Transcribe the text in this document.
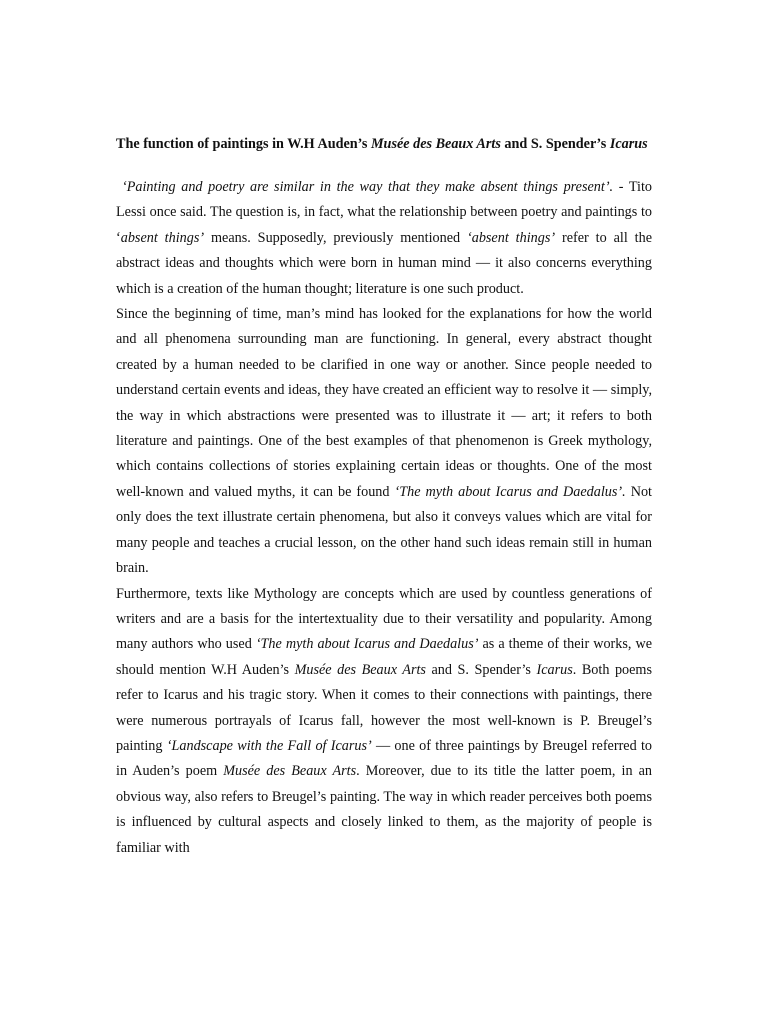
The function of paintings in W.H Auden’s Musée des Beaux Arts and S. Spender’s Icarus

‘Painting and poetry are similar in the way that they make absent things present’. - Tito Lessi once said. The question is, in fact, what the relationship between poetry and paintings to ‘absent things’ means. Supposedly, previously mentioned ‘absent things’ refer to all the abstract ideas and thoughts which were born in human mind — it also concerns everything which is a creation of the human thought; literature is one such product.

Since the beginning of time, man’s mind has looked for the explanations for how the world and all phenomena surrounding man are functioning. In general, every abstract thought created by a human needed to be clarified in one way or another. Since people needed to understand certain events and ideas, they have created an efficient way to resolve it — simply, the way in which abstractions were presented was to illustrate it — art; it refers to both literature and paintings. One of the best examples of that phenomenon is Greek mythology, which contains collections of stories explaining certain ideas or thoughts. One of the most well-known and valued myths, it can be found ‘The myth about Icarus and Daedalus’. Not only does the text illustrate certain phenomena, but also it conveys values which are vital for many people and teaches a crucial lesson, on the other hand such ideas remain still in human brain.

Furthermore, texts like Mythology are concepts which are used by countless generations of writers and are a basis for the intertextuality due to their versatility and popularity. Among many authors who used ‘The myth about Icarus and Daedalus’ as a theme of their works, we should mention W.H Auden’s Musée des Beaux Arts and S. Spender’s Icarus. Both poems refer to Icarus and his tragic story. When it comes to their connections with paintings, there were numerous portrayals of Icarus fall, however the most well-known is P. Breugel’s painting ‘Landscape with the Fall of Icarus’ — one of three paintings by Breugel referred to in Auden’s poem Musée des Beaux Arts. Moreover, due to its title the latter poem, in an obvious way, also refers to Breugel’s painting. The way in which reader perceives both poems is influenced by cultural aspects and closely linked to them, as the majority of people is familiar with
